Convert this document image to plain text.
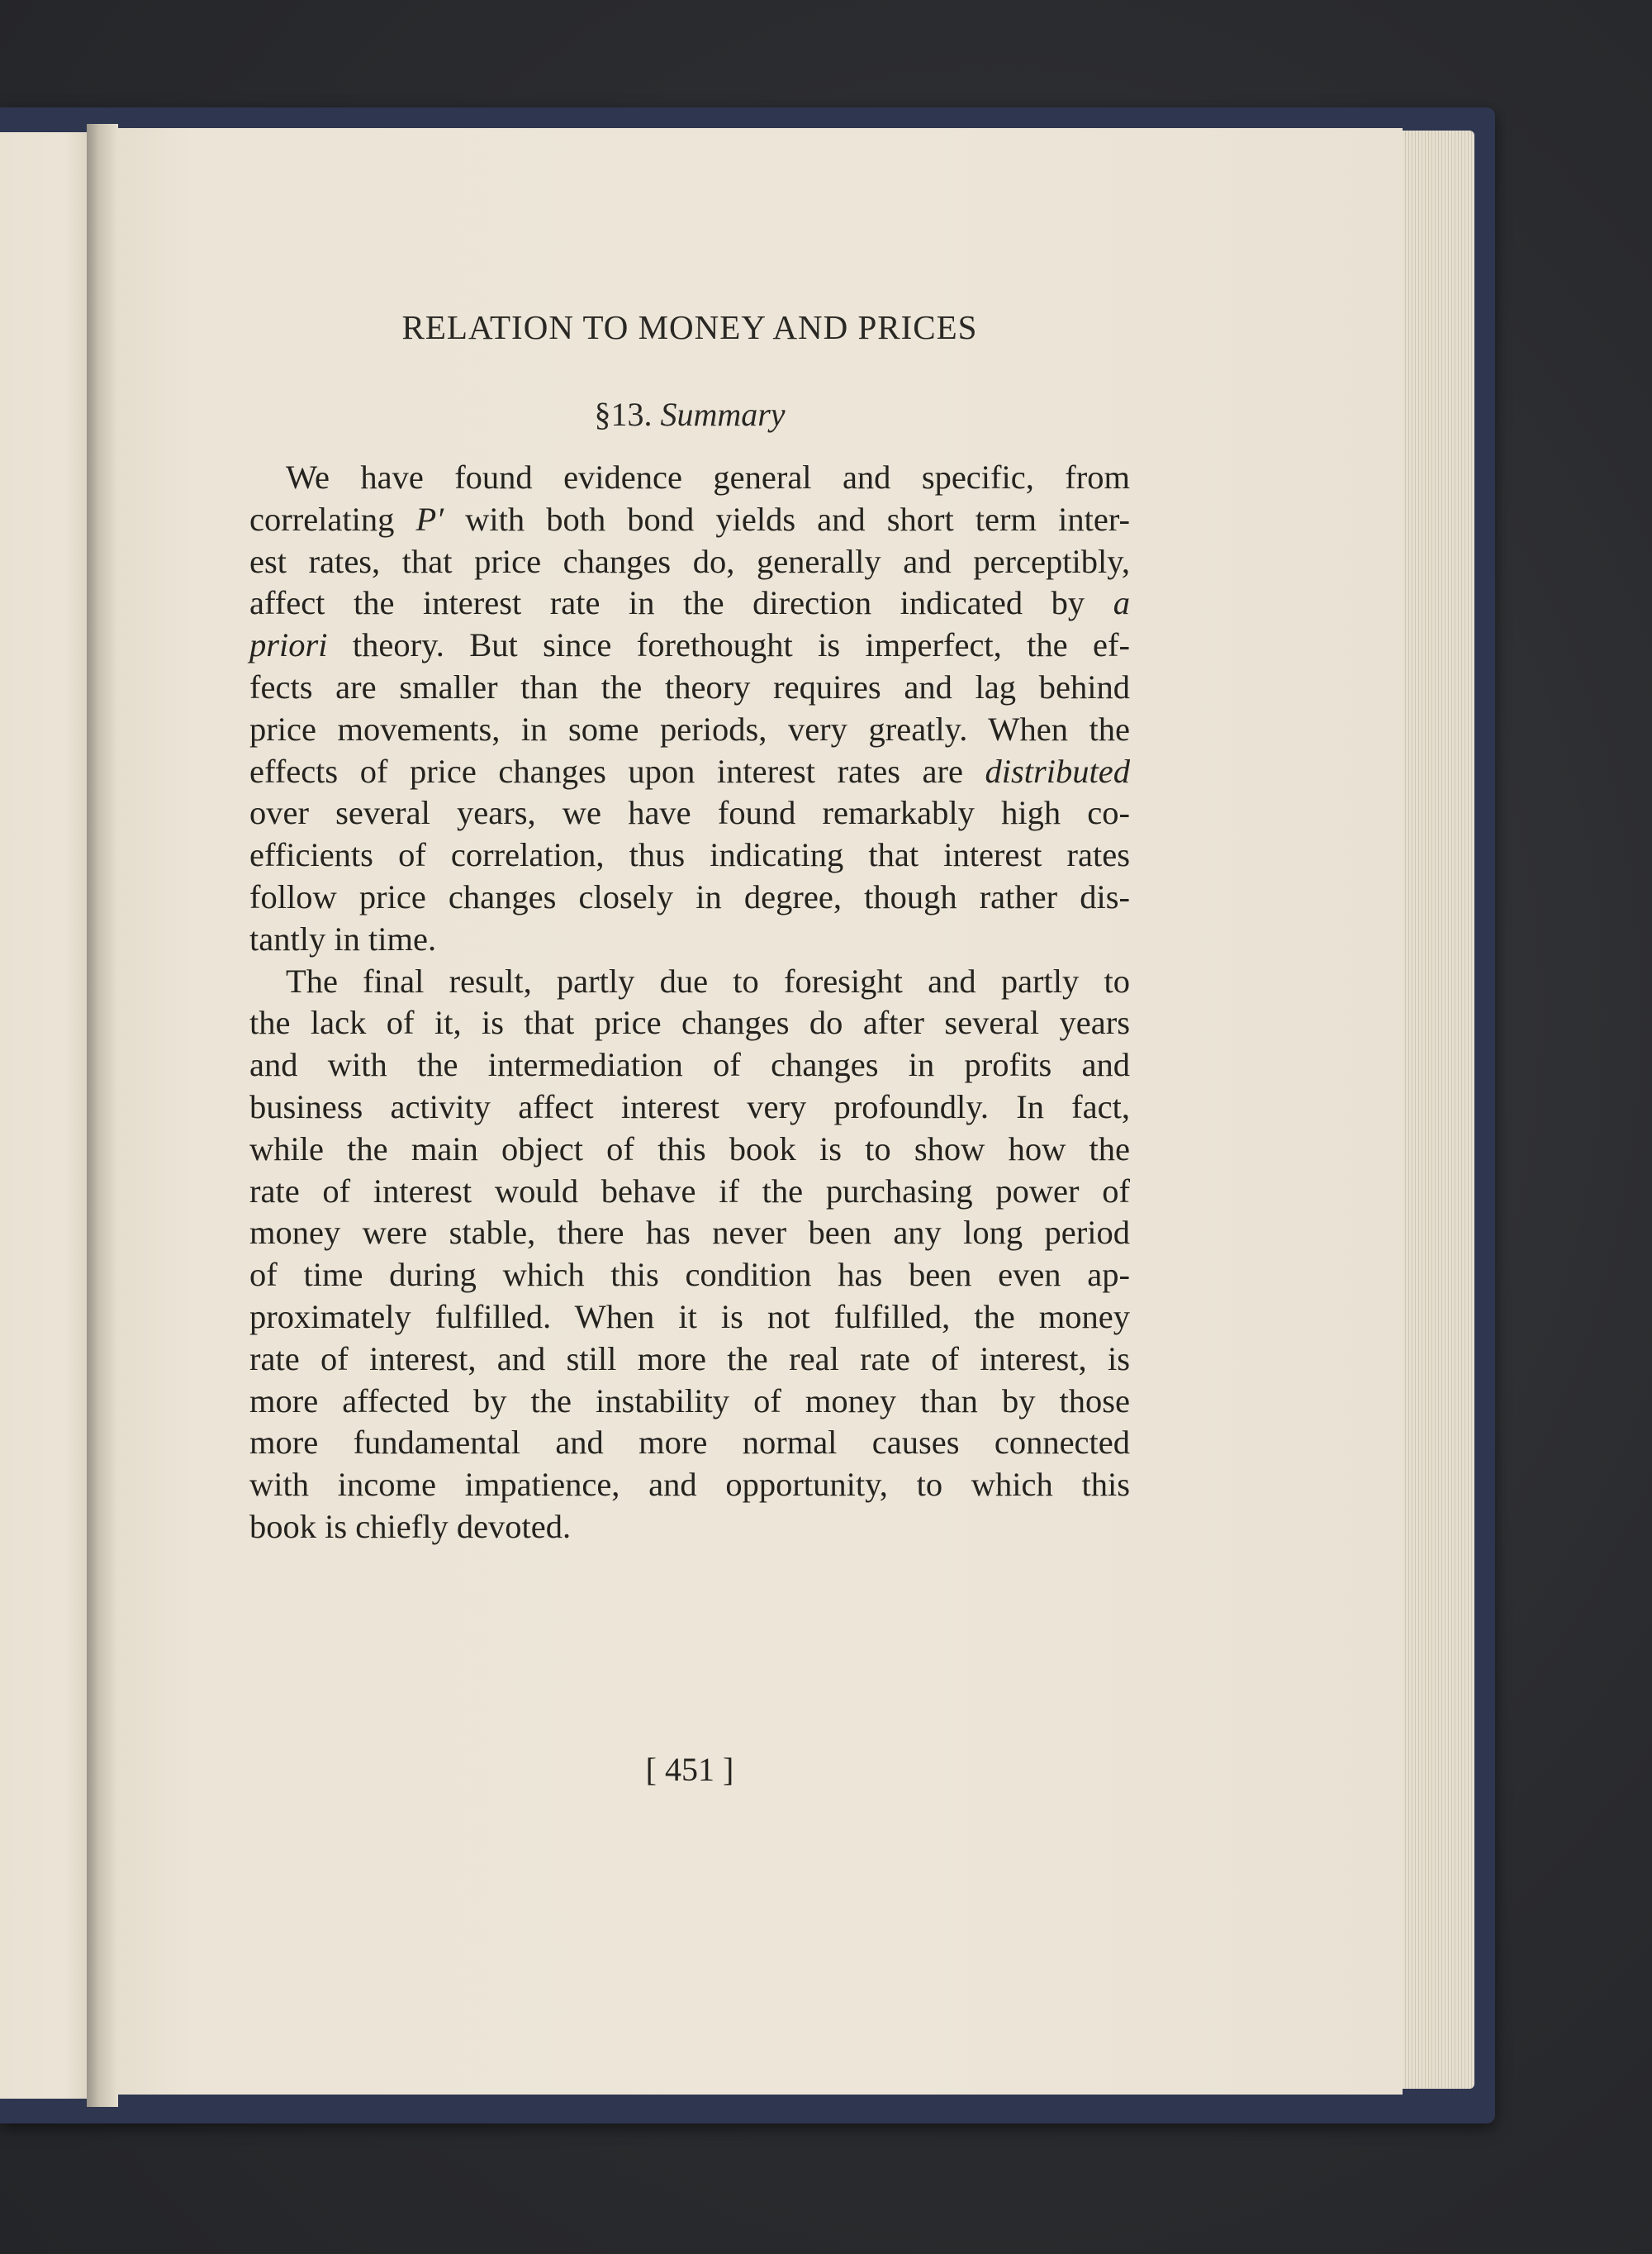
RELATION TO MONEY AND PRICES
§13. Summary
We have found evidence general and specific, from
correlating P′ with both bond yields and short term inter-
est rates, that price changes do, generally and perceptibly,
affect the interest rate in the direction indicated by a
priori theory. But since forethought is imperfect, the ef-
fects are smaller than the theory requires and lag behind
price movements, in some periods, very greatly. When the
effects of price changes upon interest rates are distributed
over several years, we have found remarkably high co-
efficients of correlation, thus indicating that interest rates
follow price changes closely in degree, though rather dis-
tantly in time.
The final result, partly due to foresight and partly to
the lack of it, is that price changes do after several years
and with the intermediation of changes in profits and
business activity affect interest very profoundly. In fact,
while the main object of this book is to show how the
rate of interest would behave if the purchasing power of
money were stable, there has never been any long period
of time during which this condition has been even ap-
proximately fulfilled. When it is not fulfilled, the money
rate of interest, and still more the real rate of interest, is
more affected by the instability of money than by those
more fundamental and more normal causes connected
with income impatience, and opportunity, to which this
book is chiefly devoted.
[ 451 ]
